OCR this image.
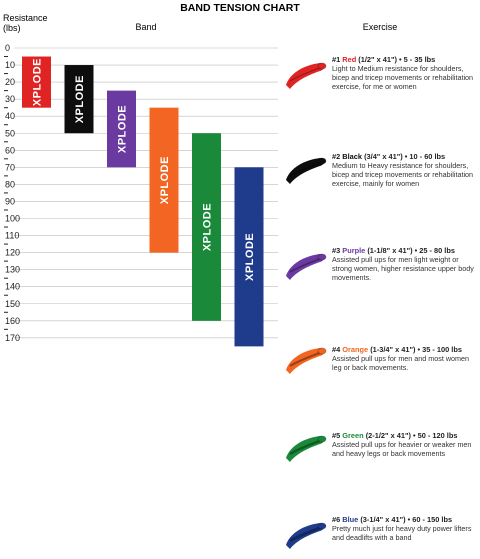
BAND TENSION CHART
Resistance
(lbs)	Band	Exercise
0
10
20
30
40
50
60
70
80
90
100
110
120
130
140
150
160
170
XPLODE	XPLODE
XPLODE
XPLODE
XPLODE
XPLODE
#1 Red (1/2" x 41") • 5 - 35 lbs
Light to Medium resistance for shoulders, bicep and tricep movements or rehabilitation exercise, for me or women
#2 Black (3/4" x 41") • 10 - 60 lbs
Medium to Heavy resistance for shoulders, bicep and tricep movements or rehabilitation exercise, mainly for women
#3 Purple (1-1/8" x 41") • 25 - 80 lbs
Assisted pull ups for men light weight or strong women, higher resistance upper body movements.
#4 Orange (1-3/4" x 41") • 35 - 100 lbs
Assisted pull ups for men and most women leg or back movements.
#5 Green (2-1/2" x 41") • 50 - 120 lbs
Assisted pull ups for heavier or weaker men and heavy legs or back movements
#6 Blue (3-1/4" x 41") • 60 - 150 lbs
Pretty much just for heavy duty power lifters and deadlifts with a band
